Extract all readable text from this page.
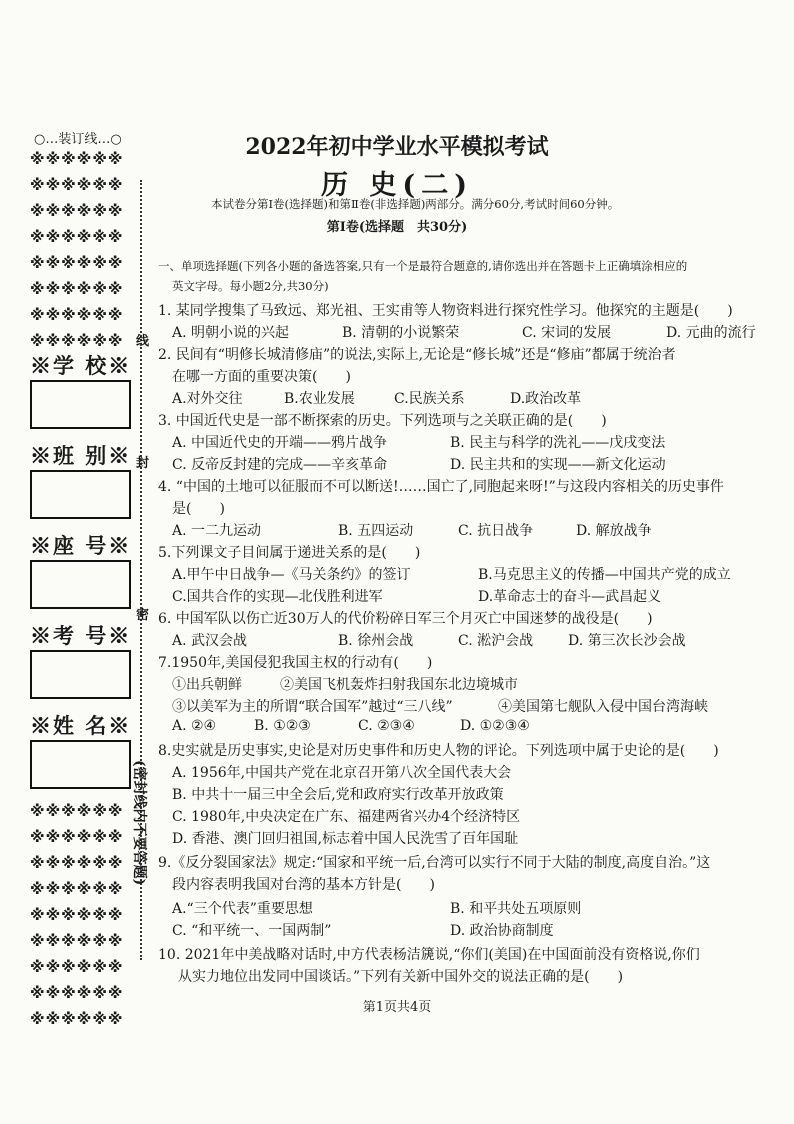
○…装订线…○
※※※※※※
※※※※※※
※※※※※※
※※※※※※
※※※※※※
※※※※※※
※※※※※※
※※※※※※
※学 校※
※班 别※
※座 号※
※考 号※
※姓 名※
※※※※※※
※※※※※※
※※※※※※
※※※※※※
※※※※※※
※※※※※※
※※※※※※
※※※※※※
※※※※※※
线
封
密
(密封线内不要答题)
2022年初中学业水平模拟考试
历 史(二)
本试卷分第Ⅰ卷(选择题)和第Ⅱ卷(非选择题)两部分。满分60分,考试时间60分钟。
第Ⅰ卷(选择题　共30分)
一、单项选择题(下列各小题的备选答案,只有一个是最符合题意的,请你选出并在答题卡上正确填涂相应的
英文字母。每小题2分,共30分)
1. 某同学搜集了马致远、郑光祖、王实甫等人物资料进行探究性学习。他探究的主题是(　　)
A. 明朝小说的兴起	B. 清朝的小说繁荣	C. 宋词的发展	D. 元曲的流行
2. 民间有“明修长城清修庙”的说法,实际上,无论是“修长城”还是“修庙”都属于统治者
在哪一方面的重要决策(　　)
A.对外交往	B.农业发展	C.民族关系	D.政治改革
3. 中国近代史是一部不断探索的历史。下列选项与之关联正确的是(　　)
A. 中国近代史的开端——鸦片战争	B. 民主与科学的洗礼——戊戌变法
C. 反帝反封建的完成——辛亥革命	D. 民主共和的实现——新文化运动
4. “中国的土地可以征服而不可以断送!……国亡了,同胞起来呀!”与这段内容相关的历史事件
是(　　)
A. 一二九运动	B. 五四运动	C. 抗日战争	D. 解放战争
5.下列课文子目间属于递进关系的是(　　)
A.甲午中日战争—《马关条约》的签订	B.马克思主义的传播—中国共产党的成立
C.国共合作的实现—北伐胜利进军	D.革命志士的奋斗—武昌起义
6. 中国军队以伤亡近30万人的代价粉碎日军三个月灭亡中国迷梦的战役是(　　)
A. 武汉会战	B. 徐州会战	C. 淞沪会战 D. 第三次长沙会战
7.1950年,美国侵犯我国主权的行动有(　　)
①出兵朝鲜	②美国飞机轰炸扫射我国东北边境城市
③以美军为主的所谓“联合国军”越过“三八线”	④美国第七舰队入侵中国台湾海峡
A. ②④	B. ①②③	C. ②③④	D. ①②③④
8.史实就是历史事实,史论是对历史事件和历史人物的评论。下列选项中属于史论的是(　　)
A. 1956年,中国共产党在北京召开第八次全国代表大会
B. 中共十一届三中全会后,党和政府实行改革开放政策
C. 1980年,中央决定在广东、福建两省兴办4个经济特区
D. 香港、澳门回归祖国,标志着中国人民洗雪了百年国耻
9.《反分裂国家法》规定:“国家和平统一后,台湾可以实行不同于大陆的制度,高度自治。”这
段内容表明我国对台湾的基本方针是(　　)
A.“三个代表”重要思想	B. 和平共处五项原则
C. “和平统一、一国两制”	D. 政治协商制度
10. 2021年中美战略对话时,中方代表杨洁篪说,“你们(美国)在中国面前没有资格说,你们
从实力地位出发同中国谈话。”下列有关新中国外交的说法正确的是(　　)
第1页共4页
